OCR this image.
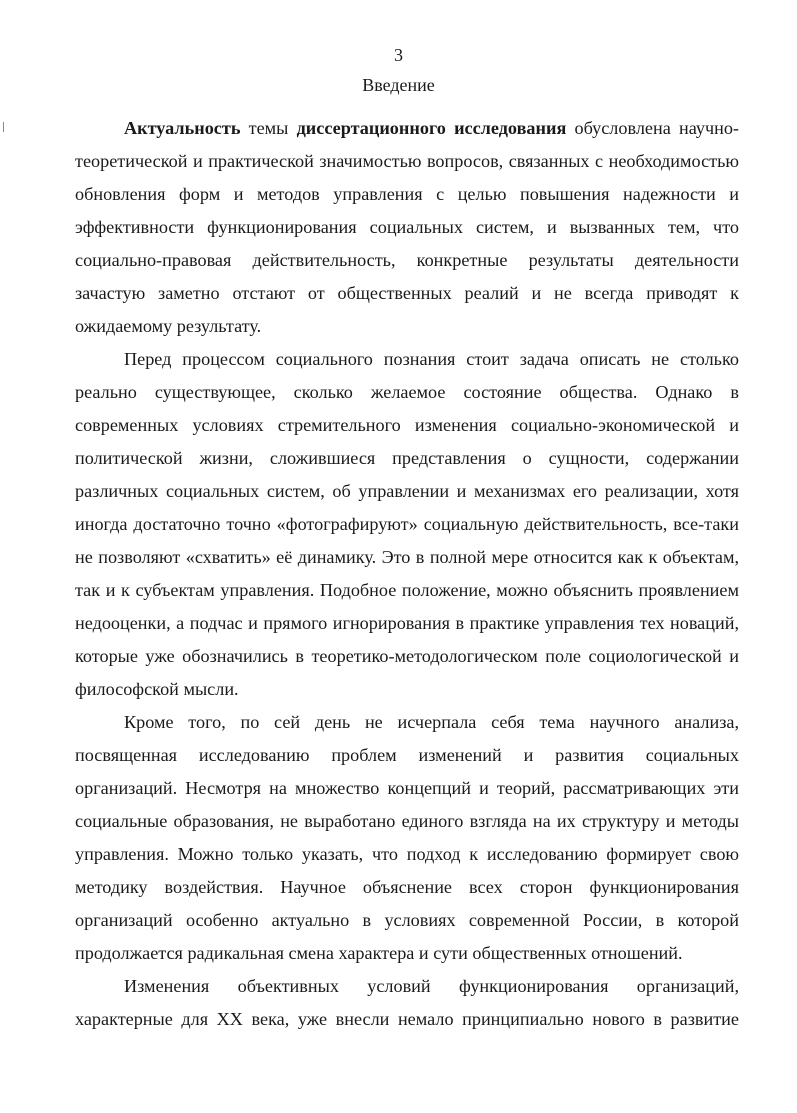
3
Введение

Актуальность темы диссертационного исследования обусловлена научно-теоретической и практической значимостью вопросов, связанных с необходимостью обновления форм и методов управления с целью повышения надежности и эффективности функционирования социальных систем, и вызванных тем, что социально-правовая действительность, конкретные результаты деятельности зачастую заметно отстают от общественных реалий и не всегда приводят к ожидаемому результату.

Перед процессом социального познания стоит задача описать не столько реально существующее, сколько желаемое состояние общества. Однако в современных условиях стремительного изменения социально-экономической и политической жизни, сложившиеся представления о сущности, содержании различных социальных систем, об управлении и механизмах его реализации, хотя иногда достаточно точно «фотографируют» социальную действительность, все-таки не позволяют «схватить» её динамику. Это в полной мере относится как к объектам, так и к субъектам управления. Подобное положение, можно объяснить проявлением недооценки, а подчас и прямого игнорирования в практике управления тех новаций, которые уже обозначились в теоретико-методологическом поле социологической и философской мысли.

Кроме того, по сей день не исчерпала себя тема научного анализа, посвященная исследованию проблем изменений и развития социальных организаций. Несмотря на множество концепций и теорий, рассматривающих эти социальные образования, не выработано единого взгляда на их структуру и методы управления. Можно только указать, что подход к исследованию формирует свою методику воздействия. Научное объяснение всех сторон функционирования организаций особенно актуально в условиях современной России, в которой продолжается радикальная смена характера и сути общественных отношений.

Изменения объективных условий функционирования организаций, характерные для XX века, уже внесли немало принципиально нового в развитие
